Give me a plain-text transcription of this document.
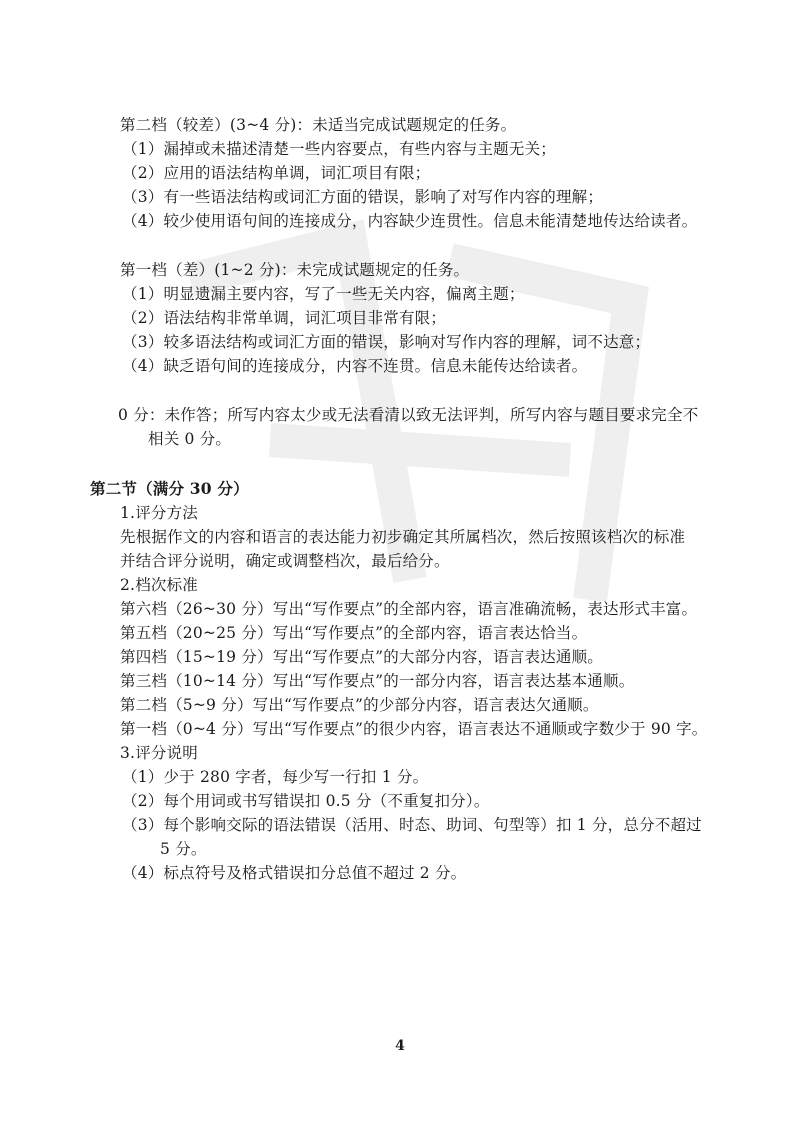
第二档（较差）(3~4 分)：未适当完成试题规定的任务。
（1）漏掉或未描述清楚一些内容要点，有些内容与主题无关；
（2）应用的语法结构单调，词汇项目有限；
（3）有一些语法结构或词汇方面的错误，影响了对写作内容的理解；
（4）较少使用语句间的连接成分，内容缺少连贯性。信息未能清楚地传达给读者。
第一档（差）(1~2 分)：未完成试题规定的任务。
（1）明显遗漏主要内容，写了一些无关内容，偏离主题；
（2）语法结构非常单调，词汇项目非常有限；
（3）较多语法结构或词汇方面的错误，影响对写作内容的理解，词不达意；
（4）缺乏语句间的连接成分，内容不连贯。信息未能传达给读者。
0 分：未作答；所写内容太少或无法看清以致无法评判，所写内容与题目要求完全不
相关 0 分。
第二节（满分 30 分）
1.评分方法
先根据作文的内容和语言的表达能力初步确定其所属档次，然后按照该档次的标准
并结合评分说明，确定或调整档次，最后给分。
2.档次标准
第六档（26~30 分）写出“写作要点”的全部内容，语言准确流畅，表达形式丰富。
第五档（20~25 分）写出“写作要点”的全部内容，语言表达恰当。
第四档（15~19 分）写出“写作要点”的大部分内容，语言表达通顺。
第三档（10~14 分）写出“写作要点”的一部分内容，语言表达基本通顺。
第二档（5~9 分）写出“写作要点”的少部分内容，语言表达欠通顺。
第一档（0~4 分）写出“写作要点”的很少内容，语言表达不通顺或字数少于 90 字。
3.评分说明
（1）少于 280 字者，每少写一行扣 1 分。
（2）每个用词或书写错误扣 0.5 分（不重复扣分）。
（3）每个影响交际的语法错误（活用、时态、助词、句型等）扣 1 分，总分不超过
5 分。
（4）标点符号及格式错误扣分总值不超过 2 分。
4
